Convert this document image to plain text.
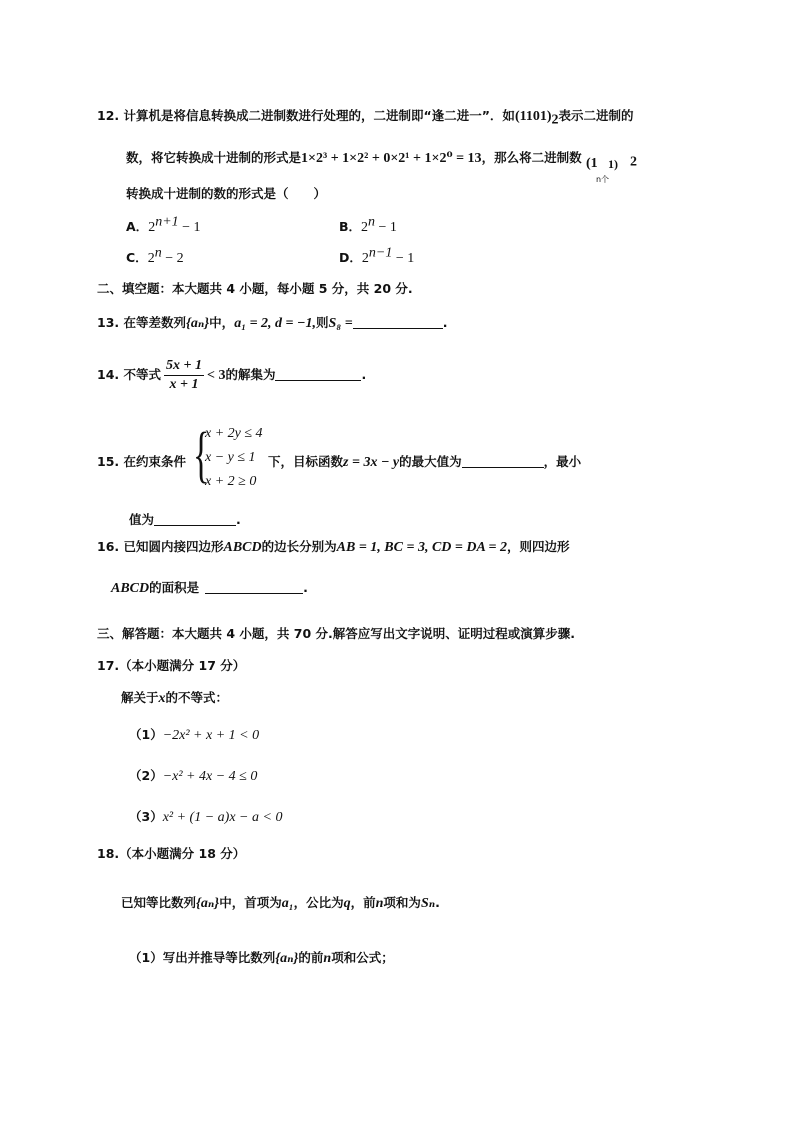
12. 计算机是将信息转换成二进制数进行处理的，二进制即“逢二进一”．如$(1101)_2$表示二进制的
数，将它转换成十进制的形式是1×2³ + 1×2² + 0×2¹ + 1×2⁰ = 13，那么将二进制数 (1 1)
n个
$_2$
转换成十进制的数的形式是（　　）
A．$2^{n+1} - 1$	B．$2^n - 1$
C．$2^n - 2$	D．$2^{n-1} - 1$
二、填空题：本大题共 4 小题，每小题 5 分，共 20 分.
13. 在等差数列{aₙ}中，a₁ = 2, d = −1,则S₈ =	.
14. 不等式 $\frac{5x + 1}{x + 1} < 3$的解集为	.
15. 在约束条件 {
x + 2y ≤ 4
x − y ≤ 1
x + 2 ≥ 0
下，目标函数z = 3x − y的最大值为	，最小
值为	.
16. 已知圆内接四边形ABCD的边长分别为AB = 1, BC = 3, CD = DA = 2，则四边形
ABCD的面积是	.
三、解答题：本大题共 4 小题，共 70 分.解答应写出文字说明、证明过程或演算步骤.
17.（本小题满分 17 分）
解关于x的不等式：
（1）−2x² + x + 1 < 0
（2）−x² + 4x − 4 ≤ 0
（3）x² + (1 − a)x − a < 0
18.（本小题满分 18 分）
已知等比数列{aₙ}中，首项为a₁，公比为q，前n项和为Sₙ.
（1）写出并推导等比数列{aₙ}的前n项和公式；
